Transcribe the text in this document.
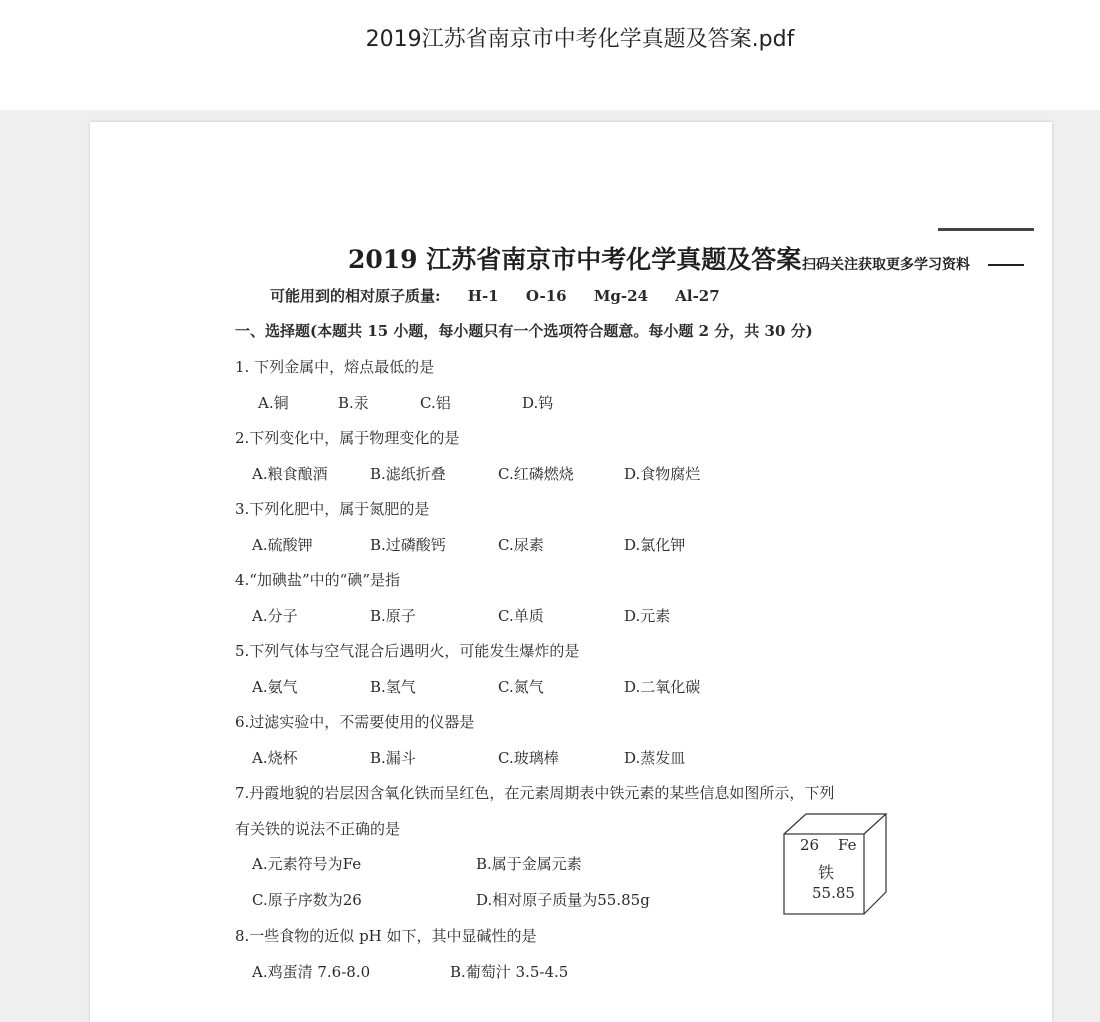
2019江苏省南京市中考化学真题及答案.pdf
2019 江苏省南京市中考化学真题及答案 扫码关注获取更多学习资料
可能用到的相对原子质量: H-1 O-16 Mg-24 Al-27
一、选择题(本题共 15 小题，每小题只有一个选项符合题意。每小题 2 分，共 30 分)
1. 下列金属中，熔点最低的是
A.铜	B.汞	C.铝	D.钨
2.下列变化中，属于物理变化的是
A.粮食酿酒	B.滤纸折叠	C.红磷燃烧	D.食物腐烂
3.下列化肥中，属于氮肥的是
A.硫酸钾	B.过磷酸钙	C.尿素	D.氯化钾
4.“加碘盐”中的“碘”是指
A.分子	B.原子	C.单质	D.元素
5.下列气体与空气混合后遇明火，可能发生爆炸的是
A.氨气	B.氢气	C.氮气	D.二氧化碳
6.过滤实验中，不需要使用的仪器是
A.烧杯	B.漏斗	C.玻璃棒	D.蒸发皿
7.丹霞地貌的岩层因含氧化铁而呈红色，在元素周期表中铁元素的某些信息如图所示，下列
有关铁的说法不正确的是
A.元素符号为Fe	B.属于金属元素
C.原子序数为26	D.相对原子质量为55.85g
26 Fe
铁
55.85
8.一些食物的近似 pH 如下，其中显碱性的是
A.鸡蛋清 7.6-8.0	B.葡萄汁 3.5-4.5
